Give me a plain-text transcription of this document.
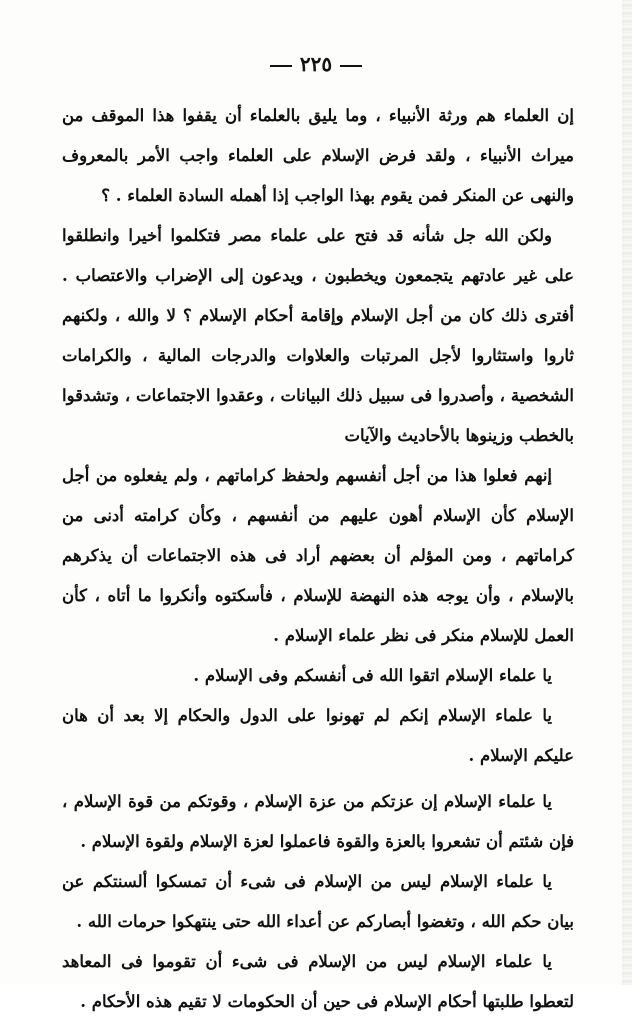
٢٢٥

إن العلماء هم ورثة الأنبياء ، وما يليق بالعلماء أن يقفوا هذا الموقف من ميراث الأنبياء ، ولقد فرض الإسلام على العلماء واجب الأمر بالمعروف والنهى عن المنكر فمن يقوم بهذا الواجب إذا أهمله السادة العلماء . ؟

ولكن الله جل شأنه قد فتح على علماء مصر فتكلموا أخيرا وانطلقوا على غير عادتهم يتجمعون ويخطبون ، ويدعون إلى الإضراب والاعتصاب . أفترى ذلك كان من أجل الإسلام وإقامة أحكام الإسلام ؟ لا والله ، ولكنهم ثاروا واستثاروا لأجل المرتبات والعلاوات والدرجات المالية ، والكرامات الشخصية ، وأصدروا فى سبيل ذلك البيانات ، وعقدوا الاجتماعات ، وتشدقوا بالخطب وزينوها بالأحاديث والآيات

إنهم فعلوا هذا من أجل أنفسهم ولحفظ كراماتهم ، ولم يفعلوه من أجل الإسلام كأن الإسلام أهون عليهم من أنفسهم ، وكأن كرامته أدنى من كراماتهم ، ومن المؤلم أن بعضهم أراد فى هذه الاجتماعات أن يذكرهم بالإسلام ، وأن يوجه هذه النهضة للإسلام ، فأسكتوه وأنكروا ما أتاه ، كأن العمل للإسلام منكر فى نظر علماء الإسلام .

يا علماء الإسلام اتقوا الله فى أنفسكم وفى الإسلام .

يا علماء الإسلام إنكم لم تهونوا على الدول والحكام إلا بعد أن هان عليكم الإسلام .

يا علماء الإسلام إن عزتكم من عزة الإسلام ، وقوتكم من قوة الإسلام ، فإن شئتم أن تشعروا بالعزة والقوة فاعملوا لعزة الإسلام ولقوة الإسلام .

يا علماء الإسلام ليس من الإسلام فى شىء أن تمسكوا ألسنتكم عن بيان حكم الله ، وتغضوا أبصاركم عن أعداء الله حتى ينتهكوا حرمات الله .

يا علماء الإسلام ليس من الإسلام فى شىء أن تقوموا فى المعاهد لتعطوا طلبتها أحكام الإسلام فى حين أن الحكومات لا تقيم هذه الأحكام .
